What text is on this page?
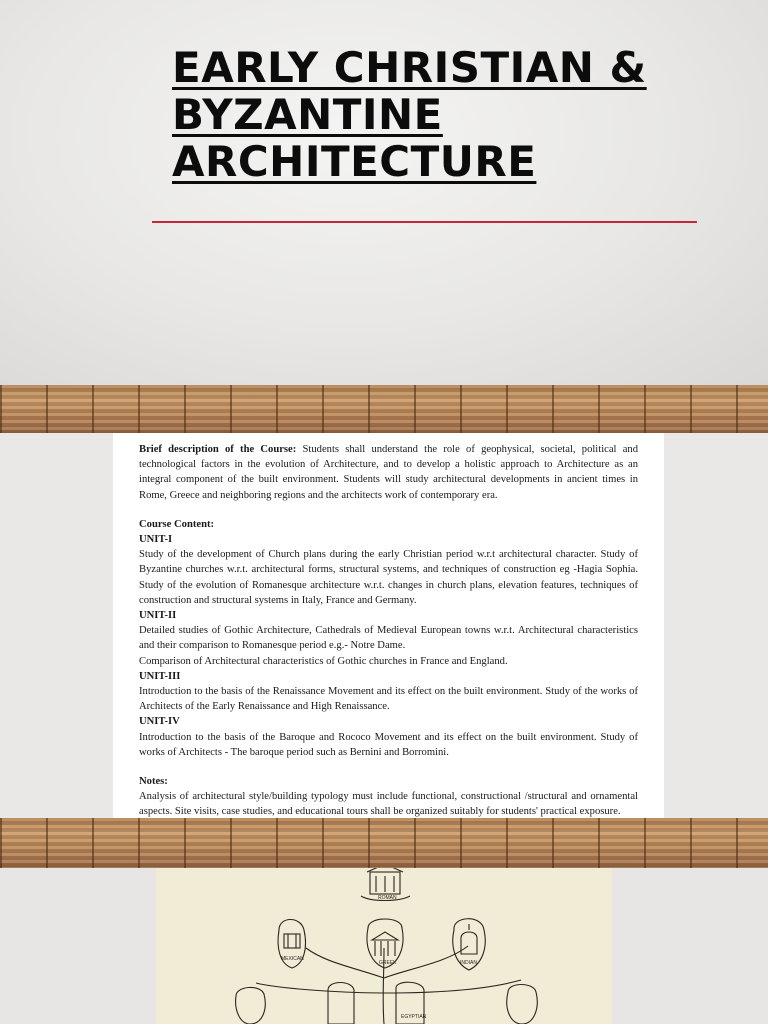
EARLY CHRISTIAN &
BYZANTINE
ARCHITECTURE

Brief description of the Course: Students shall understand the role of geophysical, societal, political and technological factors in the evolution of Architecture, and to develop a holistic approach to Architecture as an integral component of the built environment. Students will study architectural developments in ancient times in Rome, Greece and neighboring regions and the architects work of contemporary era.

Course Content:

UNIT-I

Study of the development of Church plans during the early Christian period w.r.t architectural character. Study of Byzantine churches w.r.t. architectural forms, structural systems, and techniques of construction eg -Hagia Sophia. Study of the evolution of Romanesque architecture w.r.t. changes in church plans, elevation features, techniques of construction and structural systems in Italy, France and Germany.

UNIT-II

Detailed studies of Gothic Architecture, Cathedrals of Medieval European towns w.r.t. Architectural characteristics and their comparison to Romanesque period e.g.- Notre Dame.

Comparison of Architectural characteristics of Gothic churches in France and England.

UNIT-III

Introduction to the basis of the Renaissance Movement and its effect on the built environment. Study of the works of Architects of the Early Renaissance and High Renaissance.

UNIT-IV

Introduction to the basis of the Baroque and Rococo Movement and its effect on the built environment. Study of works of Architects - The baroque period such as Bernini and Borromini.

Notes:

Analysis of architectural style/building typology must include functional, constructional /structural and ornamental aspects. Site visits, case studies, and educational tours shall be organized suitably for students' practical exposure.

ROMAN
GREEK
MEXICAN
INDIAN
EGYPTIAN
